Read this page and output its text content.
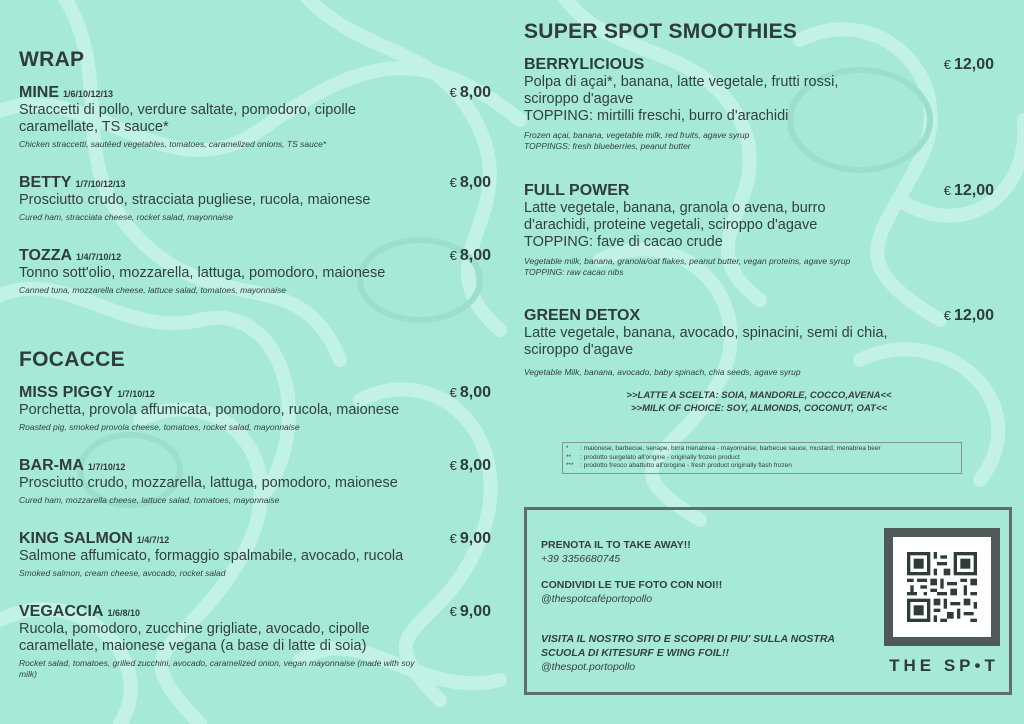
WRAP
MINE 1/6/10/12/13	€ 8,00
Straccetti di pollo, verdure saltate, pomodoro, cipolle caramellate, TS sauce*
Chicken straccetti, sautéed vegetables, tomatoes, caramelized onions, TS sauce*
BETTY 1/7/10/12/13	€ 8,00
Prosciutto crudo, stracciata pugliese, rucola, maionese
Cured ham, stracciata cheese, rocket salad, mayonnaise
TOZZA 1/4/7/10/12	€ 8,00
Tonno sott'olio, mozzarella, lattuga, pomodoro, maionese
Canned tuna, mozzarella cheese, lattuce salad, tomatoes, mayonnaise
FOCACCE
MISS PIGGY 1/7/10/12	€ 8,00
Porchetta, provola affumicata, pomodoro, rucola, maionese
Roasted pig, smoked provola cheese, tomatoes, rocket salad, mayonnaise
BAR-MA 1/7/10/12	€ 8,00
Prosciutto crudo, mozzarella, lattuga, pomodoro, maionese
Cured ham, mozzarella cheese, lattuce salad, tomatoes, mayonnaise
KING SALMON 1/4/7/12	€ 9,00
Salmone affumicato, formaggio spalmabile, avocado, rucola
Smoked salmon, cream cheese, avocado, rocket salad
VEGACCIA 1/6/8/10	€ 9,00
Rucola, pomodoro, zucchine grigliate, avocado, cipolle caramellate, maionese vegana (a base di latte di soia)
Rocket salad, tomatoes, grilled zucchini, avocado, caramelized onion, vegan mayonnaise (made with soy milk)
SUPER SPOT SMOOTHIES
BERRYLICIOUS	€ 12,00
Polpa di açai*, banana, latte vegetale, frutti rossi, sciroppo d'agave
TOPPING: mirtilli freschi, burro d'arachidi
Frozen açai, banana, vegetable milk, red fruits, agave syrup
TOPPINGS: fresh blueberries, peanut butter
FULL POWER	€ 12,00
Latte vegetale, banana, granola o avena, burro d'arachidi, proteine vegetali, sciroppo d'agave
TOPPING: fave di cacao crude
Vegetable milk, banana, granola/oat flakes, peanut butter, vegan proteins, agave syrup
TOPPING: raw cacao nibs
GREEN DETOX	€ 12,00
Latte vegetale, banana, avocado, spinacini, semi di chia, sciroppo d'agave
Vegetable Milk, banana, avocado, baby spinach, chia seeds, agave syrup
>>LATTE A SCELTA: SOIA, MANDORLE, COCCO,AVENA<<
>>MILK OF CHOICE: SOY, ALMONDS, COCONUT, OAT<<
*	: maionese, barbecue, senape, birra menabrea - mayonnaise, barbecue sauce, mustard, menabrea beer
**	: prodotto surgelato all'origine - originally frozen product
*** : prodotto fresco abattutto all'orogine - fresh product originally flash frozen
PRENOTA IL TO TAKE AWAY!!
+39 3356680745
CONDIVIDI LE TUE FOTO CON NOI!!
@thespotcaféportopollo
VISITA IL NOSTRO SITO E SCOPRI DI PIU' SULLA NOSTRA SCUOLA DI KITESURF E WING FOIL!!
@thespot.portopollo	THE SP•T
